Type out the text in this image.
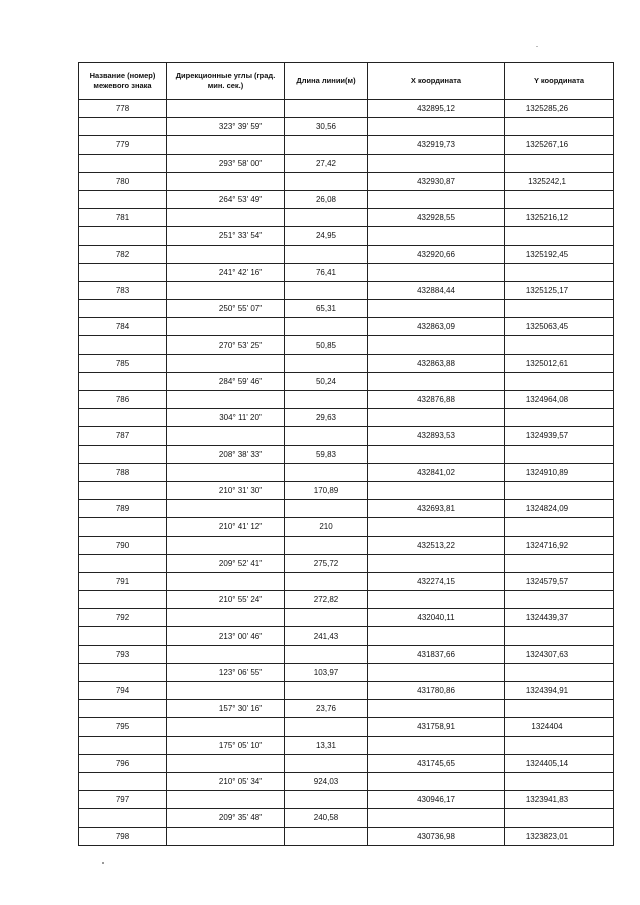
Название (номер) межевого знака	Дирекционные углы (град. мин. сек.)	Длина линии(м)	X координата	Y координата
778			432895,12	1325285,26
	323° 39' 59"	30,56		
779			432919,73	1325267,16
	293° 58' 00"	27,42		
780			432930,87	1325242,1
	264° 53' 49"	26,08		
781			432928,55	1325216,12
	251° 33' 54"	24,95		
782			432920,66	1325192,45
	241° 42' 16"	76,41		
783			432884,44	1325125,17
	250° 55' 07"	65,31		
784			432863,09	1325063,45
	270° 53' 25"	50,85		
785			432863,88	1325012,61
	284° 59' 46"	50,24		
786			432876,88	1324964,08
	304° 11' 20"	29,63		
787			432893,53	1324939,57
	208° 38' 33"	59,83		
788			432841,02	1324910,89
	210° 31' 30"	170,89		
789			432693,81	1324824,09
	210° 41' 12"	210		
790			432513,22	1324716,92
	209° 52' 41"	275,72		
791			432274,15	1324579,57
	210° 55' 24"	272,82		
792			432040,11	1324439,37
	213° 00' 46"	241,43		
793			431837,66	1324307,63
	123° 06' 55"	103,97		
794			431780,86	1324394,91
	157° 30' 16"	23,76		
795			431758,91	1324404
	175° 05' 10"	13,31		
796			431745,65	1324405,14
	210° 05' 34"	924,03		
797			430946,17	1323941,83
	209° 35' 48"	240,58		
798			430736,98	1323823,01
